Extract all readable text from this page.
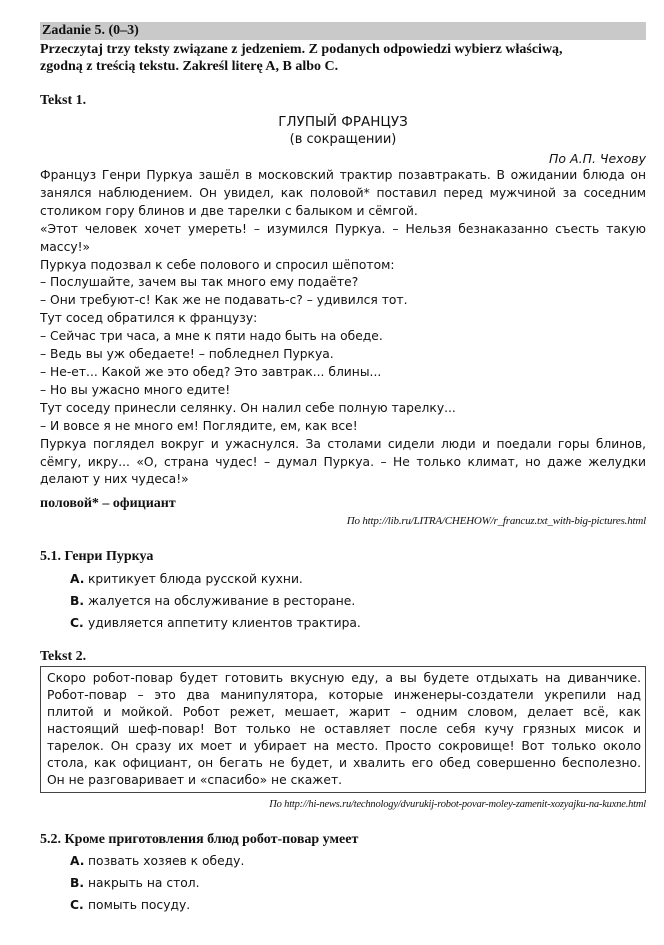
Zadanie 5. (0–3)
Przeczytaj trzy teksty związane z jedzeniem. Z podanych odpowiedzi wybierz właściwą,
zgodną z treścią tekstu. Zakreśl literę A, B albo C.
Tekst 1.
ГЛУПЫЙ ФРАНЦУЗ
(в сокращении)
По А.П. Чехову
Француз Генри Пуркуа зашёл в московский трактир позавтракать. В ожидании блюда он
занялся наблюдением. Он увидел, как половой* поставил перед мужчиной за соседним
столиком гору блинов и две тарелки с балыком и сёмгой.
«Этот человек хочет умереть! – изумился Пуркуа. – Нельзя безнаказанно съесть такую
массу!»
Пуркуа подозвал к себе полового и спросил шёпотом:
– Послушайте, зачем вы так много ему подаёте?
– Они требуют-с! Как же не подавать-с? – удивился тот.
Тут сосед обратился к французу:
– Сейчас три часа, а мне к пяти надо быть на обеде.
– Ведь вы уж обедаете! – побледнел Пуркуа.
– Не-ет... Какой же это обед? Это завтрак... блины...
– Но вы ужасно много едите!
Тут соседу принесли селянку. Он налил себе полную тарелку...
– И вовсе я не много ем! Поглядите, ем, как все!
Пуркуа поглядел вокруг и ужаснулся. За столами сидели люди и поедали горы блинов,
сёмгу, икру... «О, страна чудес! – думал Пуркуа. – Не только климат, но даже желудки
делают у них чудеса!»
половой* – официант
По http://lib.ru/LITRA/CHEHOW/r_francuz.txt_with-big-pictures.html
5.1. Генри Пуркуа
A. критикует блюда русской кухни.
B. жалуется на обслуживание в ресторане.
C. удивляется аппетиту клиентов трактира.
Tekst 2.
Скоро робот-повар будет готовить вкусную еду, а вы будете отдыхать на диванчике.
Робот-повар – это два манипулятора, которые инженеры-создатели укрепили над
плитой и мойкой. Робот режет, мешает, жарит – одним словом, делает всё, как
настоящий шеф-повар! Вот только не оставляет после себя кучу грязных мисок и
тарелок. Он сразу их моет и убирает на место. Просто сокровище! Вот только около
стола, как официант, он бегать не будет, и хвалить его обед совершенно бесполезно.
Он не разговаривает и «спасибо» не скажет.
По http://hi-news.ru/technology/dvurukij-robot-povar-moley-zamenit-xozyajku-na-kuxne.html
5.2. Кроме приготовления блюд робот-повар умеет
A. позвать хозяев к обеду.
B. накрыть на стол.
C. помыть посуду.
